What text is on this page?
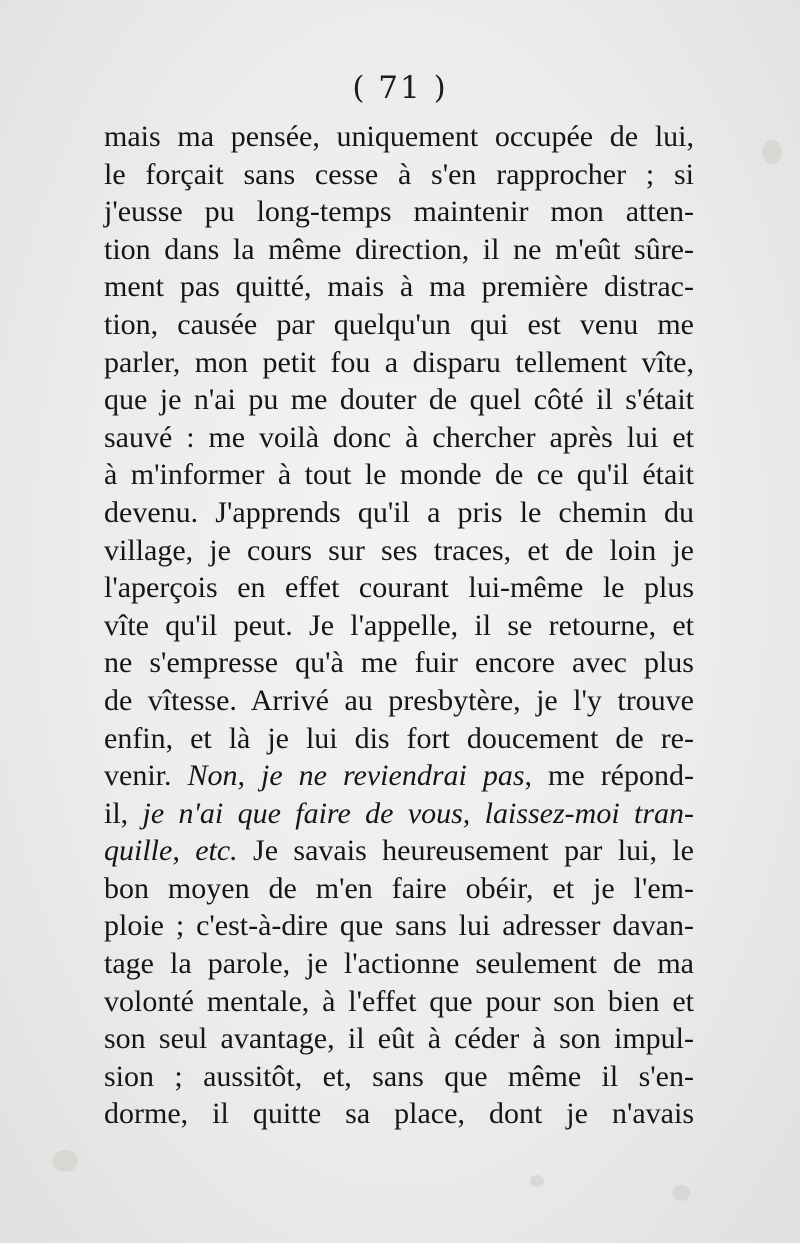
( 71 )
mais ma pensée, uniquement occupée de lui,
le forçait sans cesse à s'en rapprocher ; si
j'eusse pu long-temps maintenir mon atten-
tion dans la même direction, il ne m'eût sûre-
ment pas quitté, mais à ma première distrac-
tion, causée par quelqu'un qui est venu me
parler, mon petit fou a disparu tellement vîte,
que je n'ai pu me douter de quel côté il s'était
sauvé : me voilà donc à chercher après lui et
à m'informer à tout le monde de ce qu'il était
devenu. J'apprends qu'il a pris le chemin du
village, je cours sur ses traces, et de loin je
l'aperçois en effet courant lui-même le plus
vîte qu'il peut. Je l'appelle, il se retourne, et
ne s'empresse qu'à me fuir encore avec plus
de vîtesse. Arrivé au presbytère, je l'y trouve
enfin, et là je lui dis fort doucement de re-
venir. Non, je ne reviendrai pas, me répond-
il, je n'ai que faire de vous, laissez-moi tran-
quille, etc. Je savais heureusement par lui, le
bon moyen de m'en faire obéir, et je l'em-
ploie ; c'est-à-dire que sans lui adresser davan-
tage la parole, je l'actionne seulement de ma
volonté mentale, à l'effet que pour son bien et
son seul avantage, il eût à céder à son impul-
sion ; aussitôt, et, sans que même il s'en-
dorme, il quitte sa place, dont je n'avais
